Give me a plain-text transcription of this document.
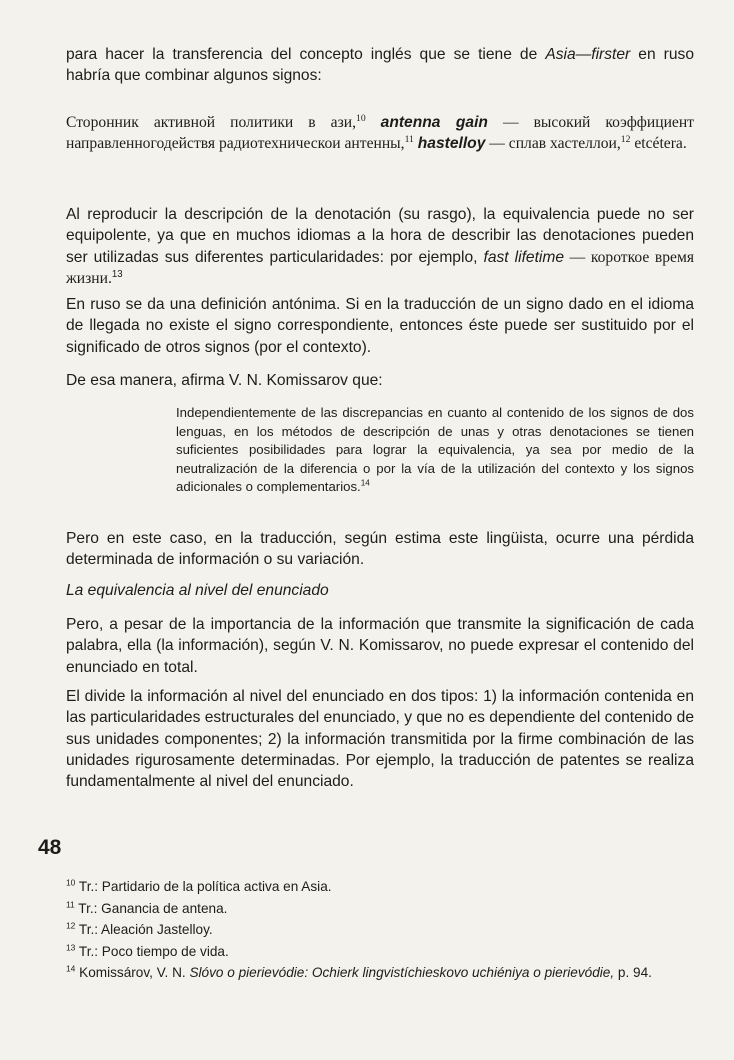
para hacer la transferencia del concepto inglés que se tiene de Asia—firster en ruso habría que combinar algunos signos:

Сторонник активной политики в ази,$^{10}$ antenna gain — высокий коэффициент направленногодействя радиотехническои антенны,$^{11}$ hastelloy — сплав хастеллои,$^{12}$ etcétera.

Al reproducir la descripción de la denotación (su rasgo), la equivalencia puede no ser equipolente, ya que en muchos idiomas a la hora de describir las denotaciones pueden ser utilizadas sus diferentes particularidades: por ejemplo, fast lifetime — короткое время жизни.$^{13}$

En ruso se da una definición antónima. Si en la traducción de un signo dado en el idioma de llegada no existe el signo correspondiente, entonces éste puede ser sustituido por el significado de otros signos (por el contexto).

De esa manera, afirma V. N. Komissarov que:

Independientemente de las discrepancias en cuanto al contenido de los signos de dos lenguas, en los métodos de descripción de unas y otras denotaciones se tienen suficientes posibilidades para lograr la equivalencia, ya sea por medio de la neutralización de la diferencia o por la vía de la utilización del contexto y los signos adicionales o complementarios.$^{14}$

Pero en este caso, en la traducción, según estima este lingüista, ocurre una pérdida determinada de información o su variación.

La equivalencia al nivel del enunciado

Pero, a pesar de la importancia de la información que transmite la significación de cada palabra, ella (la información), según V. N. Komissarov, no puede expresar el contenido del enunciado en total.

El divide la información al nivel del enunciado en dos tipos: 1) la información contenida en las particularidades estructurales del enunciado, y que no es dependiente del contenido de sus unidades componentes; 2) la información transmitida por la firme combinación de las unidades rigurosamente determinadas. Por ejemplo, la traducción de patentes se realiza fundamentalmente al nivel del enunciado.

48
$^{10}$ Tr.: Partidario de la política activa en Asia.
$^{11}$ Tr.: Ganancia de antena.
$^{12}$ Tr.: Aleación Jastelloy.
$^{13}$ Tr.: Poco tiempo de vida.
$^{14}$ Komissárov, V. N. Slóvo o pierievódie: Ochierk lingvistíchieskovo uchiéniya o pierievódie, p. 94.
